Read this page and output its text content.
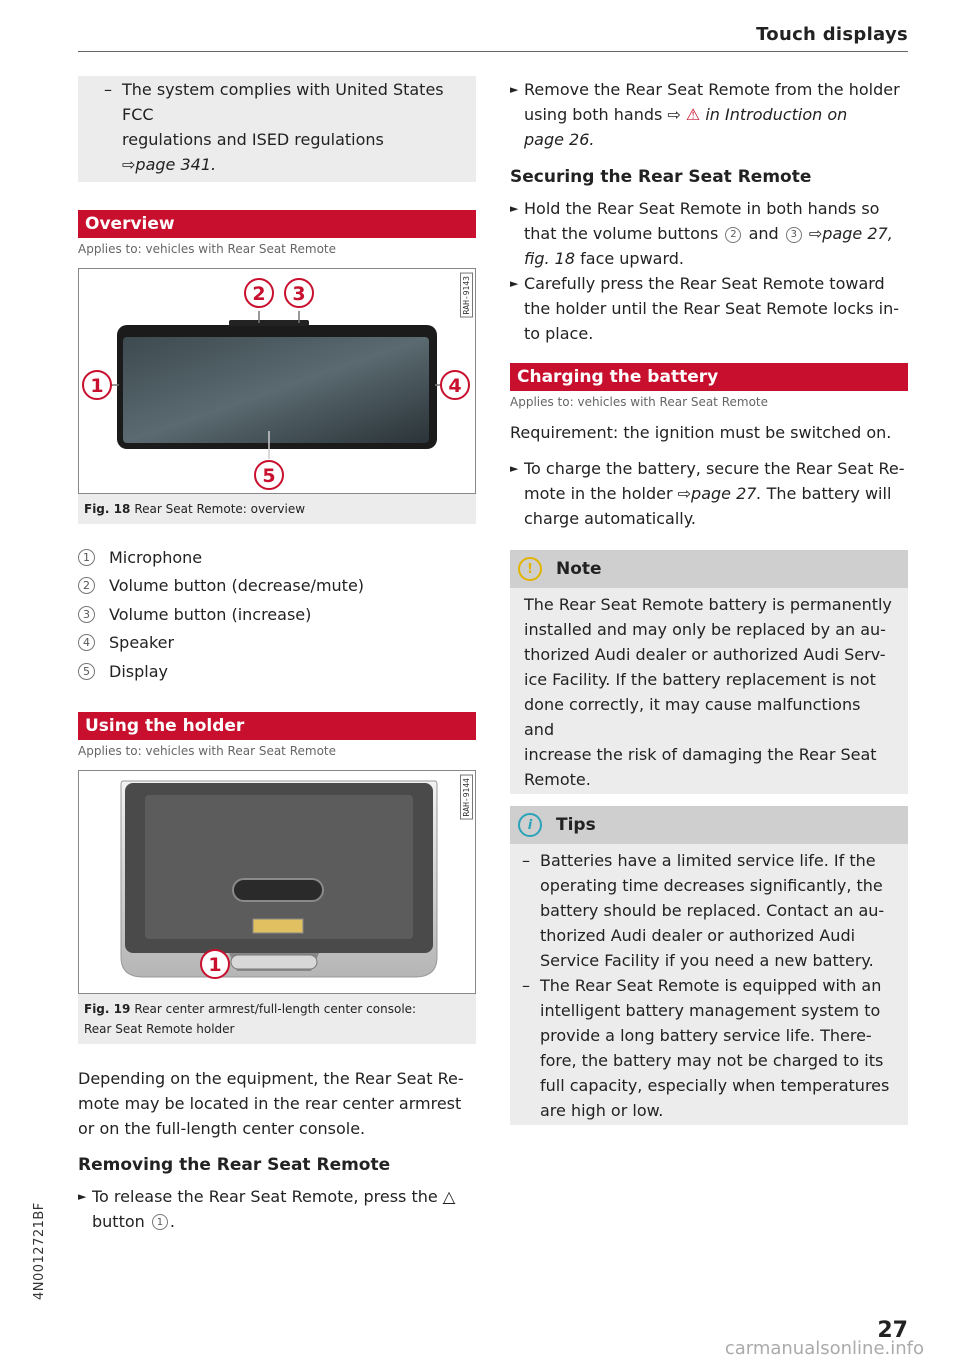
Touch displays
– The system complies with United States FCC
regulations and ISED regulations
⇨page 341.
Overview
Applies to: vehicles with Rear Seat Remote
RAH-9143
2 3
1	4
5
Fig. 18 Rear Seat Remote: overview
1	Microphone
2	Volume button (decrease/mute)
3	Volume button (increase)
4	Speaker
5	Display
Using the holder
Applies to: vehicles with Rear Seat Remote
RAH-9144
1
Fig. 19 Rear center armrest/full-length center console:
Rear Seat Remote holder

Depending on the equipment, the Rear Seat Re-
mote may be located in the rear center armrest
or on the full-length center console.

Removing the Rear Seat Remote
► To release the Rear Seat Remote, press the △
button 1 .
► Remove the Rear Seat Remote from the holder
using both hands ⇨ ⚠ in Introduction on
page 26.
Securing the Rear Seat Remote
► Hold the Rear Seat Remote in both hands so
that the volume buttons 2 and 3 ⇨page 27,
fig. 18 face upward.
► Carefully press the Rear Seat Remote toward
the holder until the Rear Seat Remote locks in-
to place.
Charging the battery
Applies to: vehicles with Rear Seat Remote

Requirement: the ignition must be switched on.

► To charge the battery, secure the Rear Seat Re-
mote in the holder ⇨page 27. The battery will
charge automatically.
!	Note
The Rear Seat Remote battery is permanently
installed and may only be replaced by an au-
thorized Audi dealer or authorized Audi Serv-
ice Facility. If the battery replacement is not
done correctly, it may cause malfunctions and
increase the risk of damaging the Rear Seat
Remote.
i	Tips
– Batteries have a limited service life. If the
operating time decreases significantly, the
battery should be replaced. Contact an au-
thorized Audi dealer or authorized Audi
Service Facility if you need a new battery.
– The Rear Seat Remote is equipped with an
intelligent battery management system to
provide a long battery service life. There-
fore, the battery may not be charged to its
full capacity, especially when temperatures
are high or low.
4N0012721BF
27
carmanualsonline.info
